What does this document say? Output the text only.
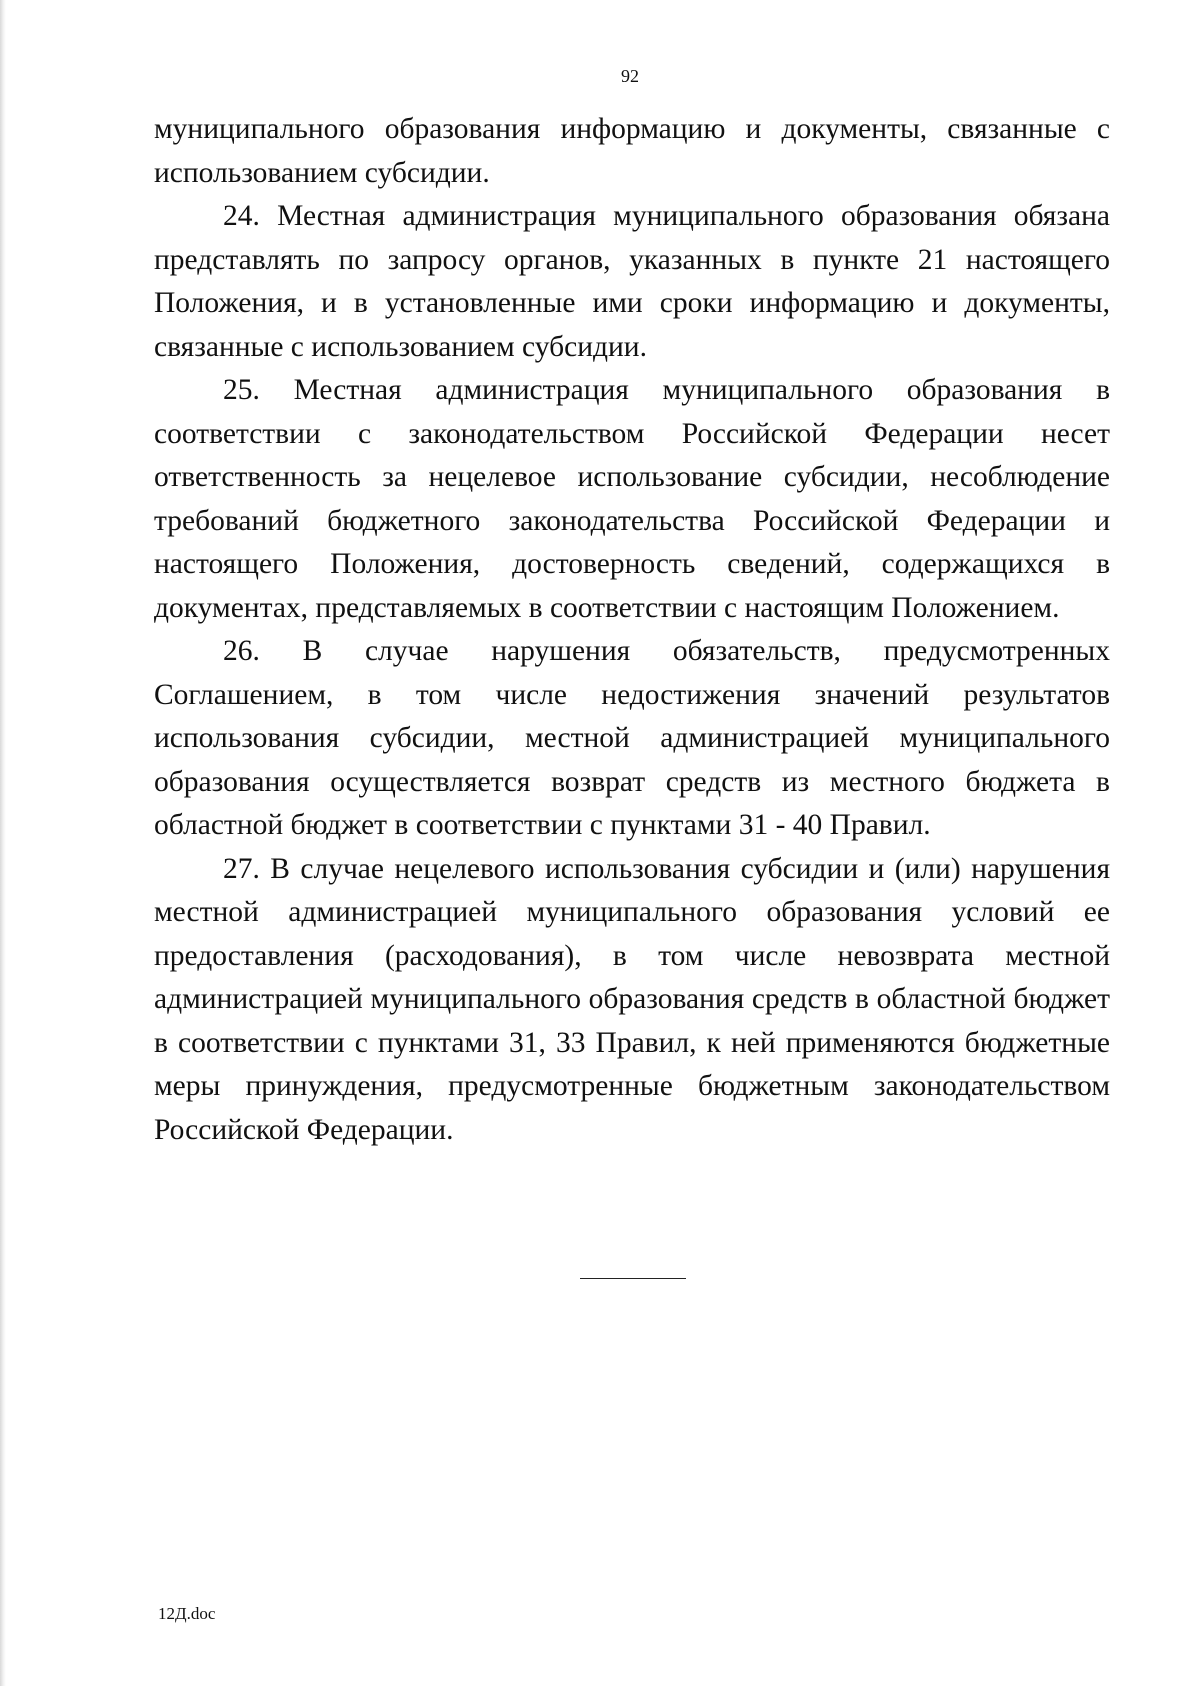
92

муниципального образования информацию и документы, связанные с использованием субсидии.

24. Местная администрация муниципального образования обязана представлять по запросу органов, указанных в пункте 21 настоящего Положения, и в установленные ими сроки информацию и документы, связанные с использованием субсидии.

25. Местная администрация муниципального образования в соответствии с законодательством Российской Федерации несет ответственность за нецелевое использование субсидии, несоблюдение требований бюджетного законодательства Российской Федерации и настоящего Положения, достоверность сведений, содержащихся в документах, представляемых в соответствии с настоящим Положением.

26. В случае нарушения обязательств, предусмотренных Соглашением, в том числе недостижения значений результатов использования субсидии, местной администрацией муниципального образования осуществляется возврат средств из местного бюджета в областной бюджет в соответствии с пунктами 31 - 40 Правил.

27. В случае нецелевого использования субсидии и (или) нарушения местной администрацией муниципального образования условий ее предоставления (расходования), в том числе невозврата местной администрацией муниципального образования средств в областной бюджет в соответствии с пунктами 31, 33 Правил, к ней применяются бюджетные меры принуждения, предусмотренные бюджетным законодательством Российской Федерации.

12Д.doc
